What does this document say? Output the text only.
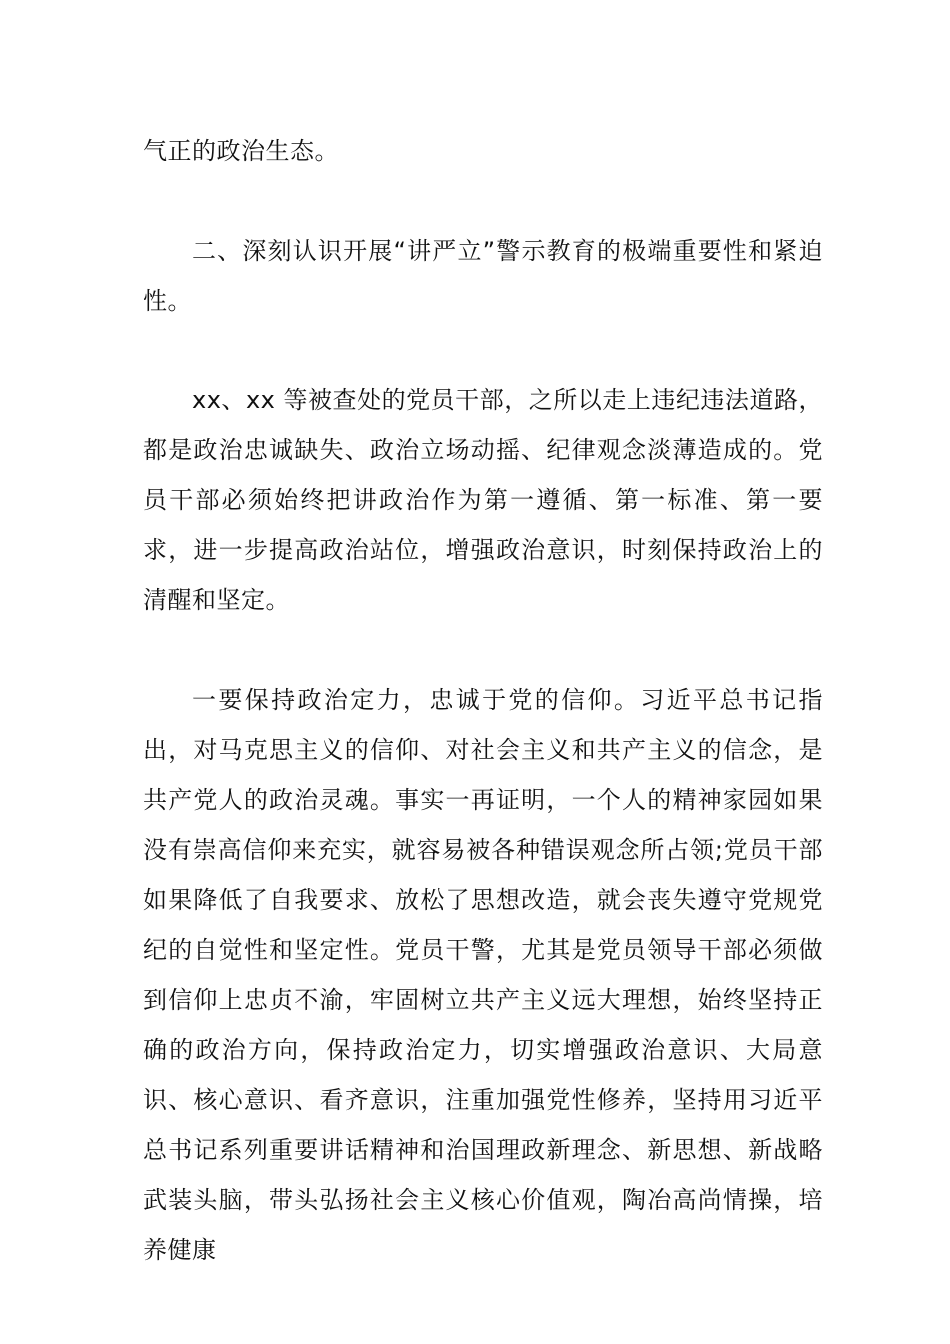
气正的政治生态。

二、深刻认识开展“讲严立”警示教育的极端重要性和紧迫性。

xx、xx 等被查处的党员干部，之所以走上违纪违法道路，都是政治忠诚缺失、政治立场动摇、纪律观念淡薄造成的。党员干部必须始终把讲政治作为第一遵循、第一标准、第一要求，进一步提高政治站位，增强政治意识，时刻保持政治上的清醒和坚定。

一要保持政治定力，忠诚于党的信仰。习近平总书记指出，对马克思主义的信仰、对社会主义和共产主义的信念，是共产党人的政治灵魂。事实一再证明，一个人的精神家园如果没有崇高信仰来充实，就容易被各种错误观念所占领;党员干部如果降低了自我要求、放松了思想改造，就会丧失遵守党规党纪的自觉性和坚定性。党员干警，尤其是党员领导干部必须做到信仰上忠贞不渝，牢固树立共产主义远大理想，始终坚持正确的政治方向，保持政治定力，切实增强政治意识、大局意识、核心意识、看齐意识，注重加强党性修养，坚持用习近平总书记系列重要讲话精神和治国理政新理念、新思想、新战略武装头脑，带头弘扬社会主义核心价值观，陶冶高尚情操，培养健康
